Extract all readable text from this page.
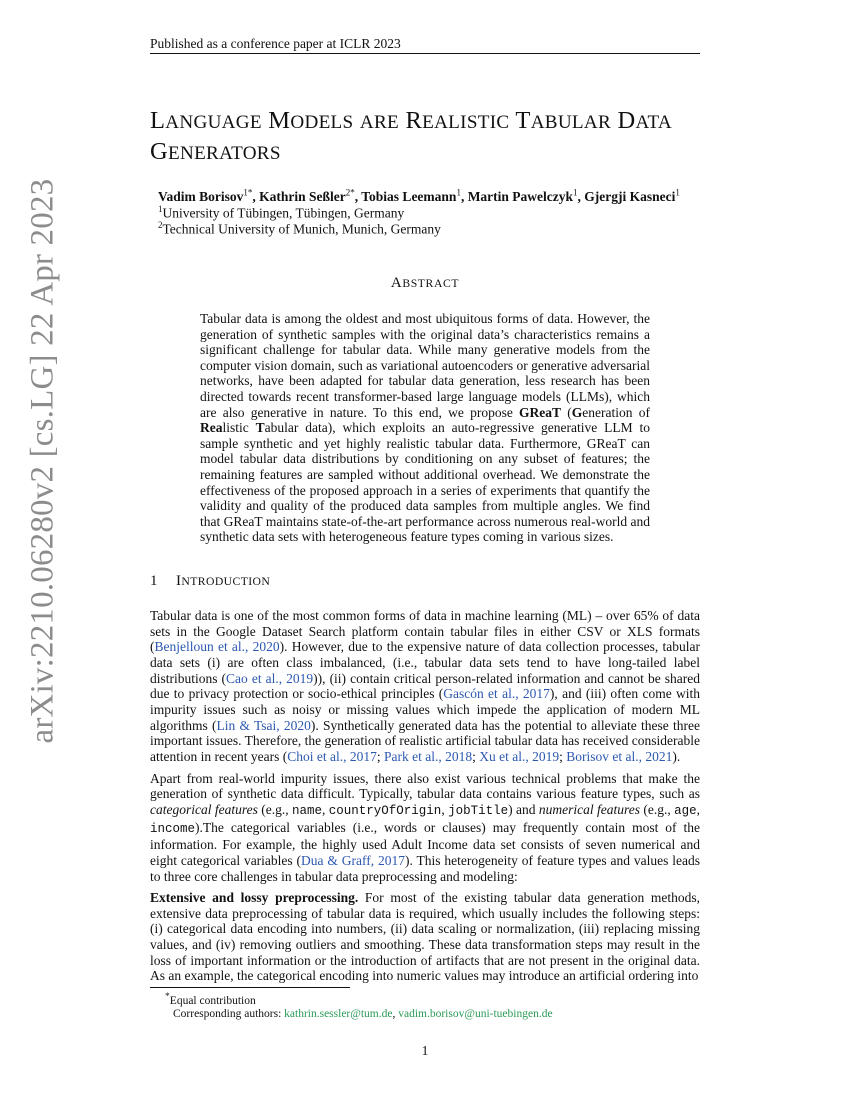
Published as a conference paper at ICLR 2023
arXiv:2210.06280v2 [cs.LG] 22 Apr 2023
LANGUAGE MODELS ARE REALISTIC TABULAR DATA
GENERATORS
Vadim Borisov$^{1*}$, Kathrin Seßler$^{2*}$, Tobias Leemann$^1$, Martin Pawelczyk$^1$, Gjergji Kasneci$^1$
$^1$University of Tübingen, Tübingen, Germany
$^2$Technical University of Munich, Munich, Germany
ABSTRACT

Tabular data is among the oldest and most ubiquitous forms of data. However, the generation of synthetic samples with the original data’s characteristics remains a significant challenge for tabular data. While many generative models from the computer vision domain, such as variational autoencoders or generative adversarial networks, have been adapted for tabular data generation, less research has been directed towards recent transformer-based large language models (LLMs), which are also generative in nature. To this end, we propose GReaT (Generation of Realistic Tabular data), which exploits an auto-regressive generative LLM to sample synthetic and yet highly realistic tabular data. Furthermore, GReaT can model tabular data distributions by conditioning on any subset of features; the remaining features are sampled without additional overhead. We demonstrate the effectiveness of the proposed approach in a series of experiments that quantify the validity and quality of the produced data samples from multiple angles. We find that GReaT maintains state-of-the-art performance across numerous real-world and synthetic data sets with heterogeneous feature types coming in various sizes.

1 INTRODUCTION

Tabular data is one of the most common forms of data in machine learning (ML) – over 65% of data sets in the Google Dataset Search platform contain tabular files in either CSV or XLS formats (Benjelloun et al., 2020). However, due to the expensive nature of data collection processes, tabular data sets (i) are often class imbalanced, (i.e., tabular data sets tend to have long-tailed label distributions (Cao et al., 2019)), (ii) contain critical person-related information and cannot be shared due to privacy protection or socio-ethical principles (Gascón et al., 2017), and (iii) often come with impurity issues such as noisy or missing values which impede the application of modern ML algorithms (Lin & Tsai, 2020). Synthetically generated data has the potential to alleviate these three important issues. Therefore, the generation of realistic artificial tabular data has received considerable attention in recent years (Choi et al., 2017; Park et al., 2018; Xu et al., 2019; Borisov et al., 2021).

Apart from real-world impurity issues, there also exist various technical problems that make the generation of synthetic data difficult. Typically, tabular data contains various feature types, such as categorical features (e.g., name, countryOfOrigin, jobTitle) and numerical features (e.g., age, income).The categorical variables (i.e., words or clauses) may frequently contain most of the information. For example, the highly used Adult Income data set consists of seven numerical and eight categorical variables (Dua & Graff, 2017). This heterogeneity of feature types and values leads to three core challenges in tabular data preprocessing and modeling:

Extensive and lossy preprocessing. For most of the existing tabular data generation methods, extensive data preprocessing of tabular data is required, which usually includes the following steps: (i) categorical data encoding into numbers, (ii) data scaling or normalization, (iii) replacing missing values, and (iv) removing outliers and smoothing. These data transformation steps may result in the loss of important information or the introduction of artifacts that are not present in the original data. As an example, the categorical encoding into numeric values may introduce an artificial ordering into

*Equal contribution
Corresponding authors: kathrin.sessler@tum.de, vadim.borisov@uni-tuebingen.de
1
